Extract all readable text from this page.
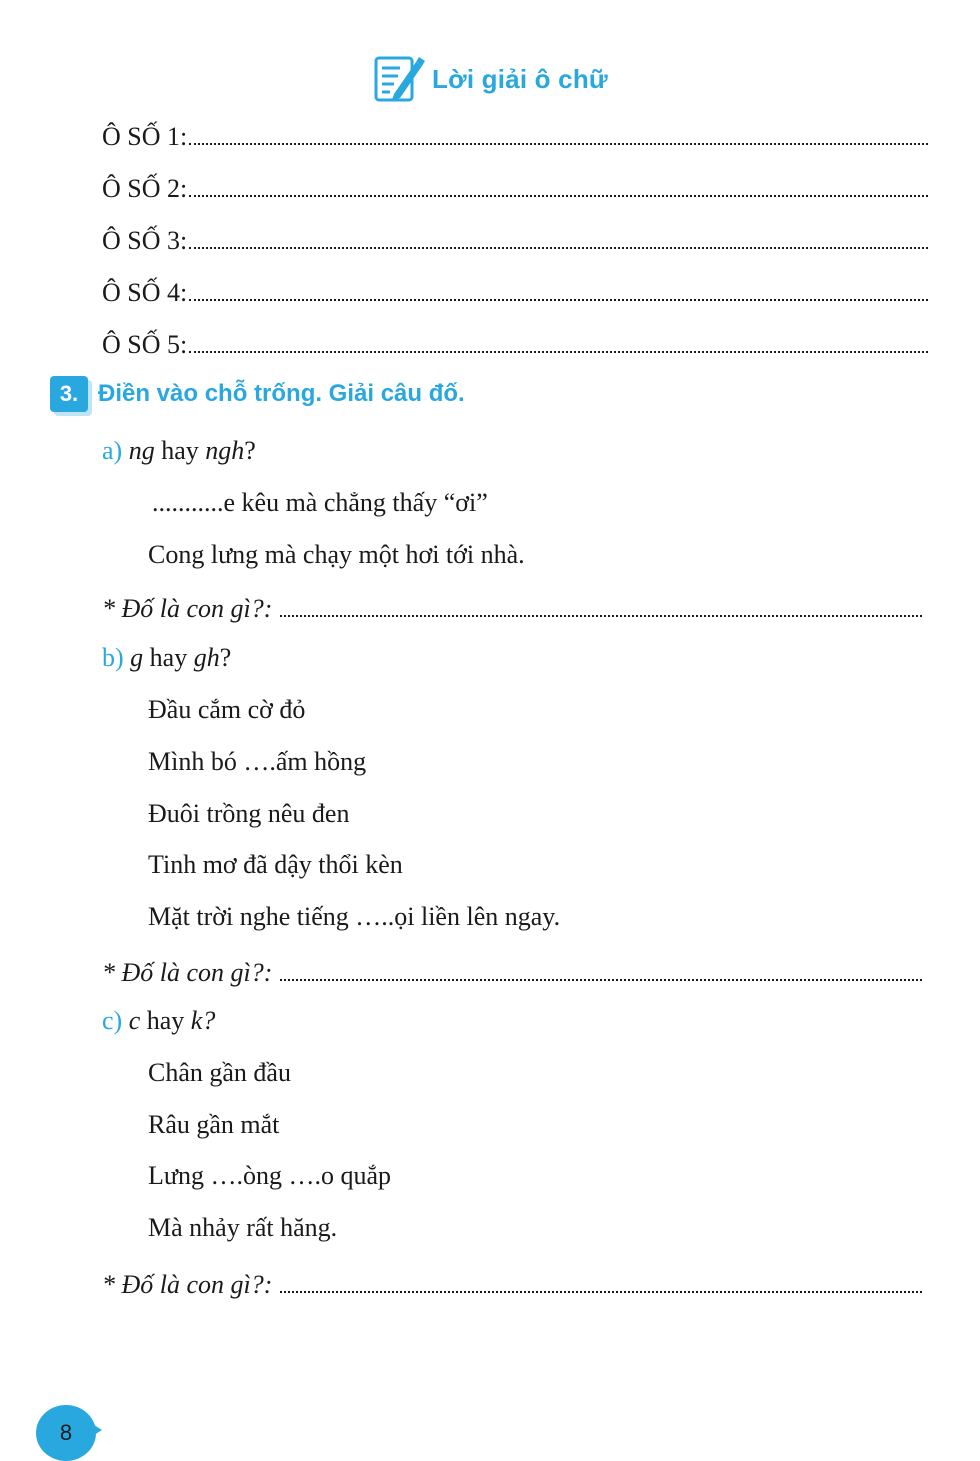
Lời giải ô chữ
Ô SỐ 1:
Ô SỐ 2:
Ô SỐ 3:
Ô SỐ 4:
Ô SỐ 5:
3. Điền vào chỗ trống. Giải câu đố.
a) ng hay ngh?
...........e kêu mà chẳng thấy “ơi”
Cong lưng mà chạy một hơi tới nhà.
* Đố là con gì?:
b) g hay gh?
Đầu cắm cờ đỏ
Mình bó ….ấm hồng
Đuôi trồng nêu đen
Tinh mơ đã dậy thổi kèn
Mặt trời nghe tiếng …..ọi liền lên ngay.
* Đố là con gì?:
c) c hay k?
Chân gần đầu
Râu gần mắt
Lưng ….òng ….o quắp
Mà nhảy rất hăng.
* Đố là con gì?:
8
